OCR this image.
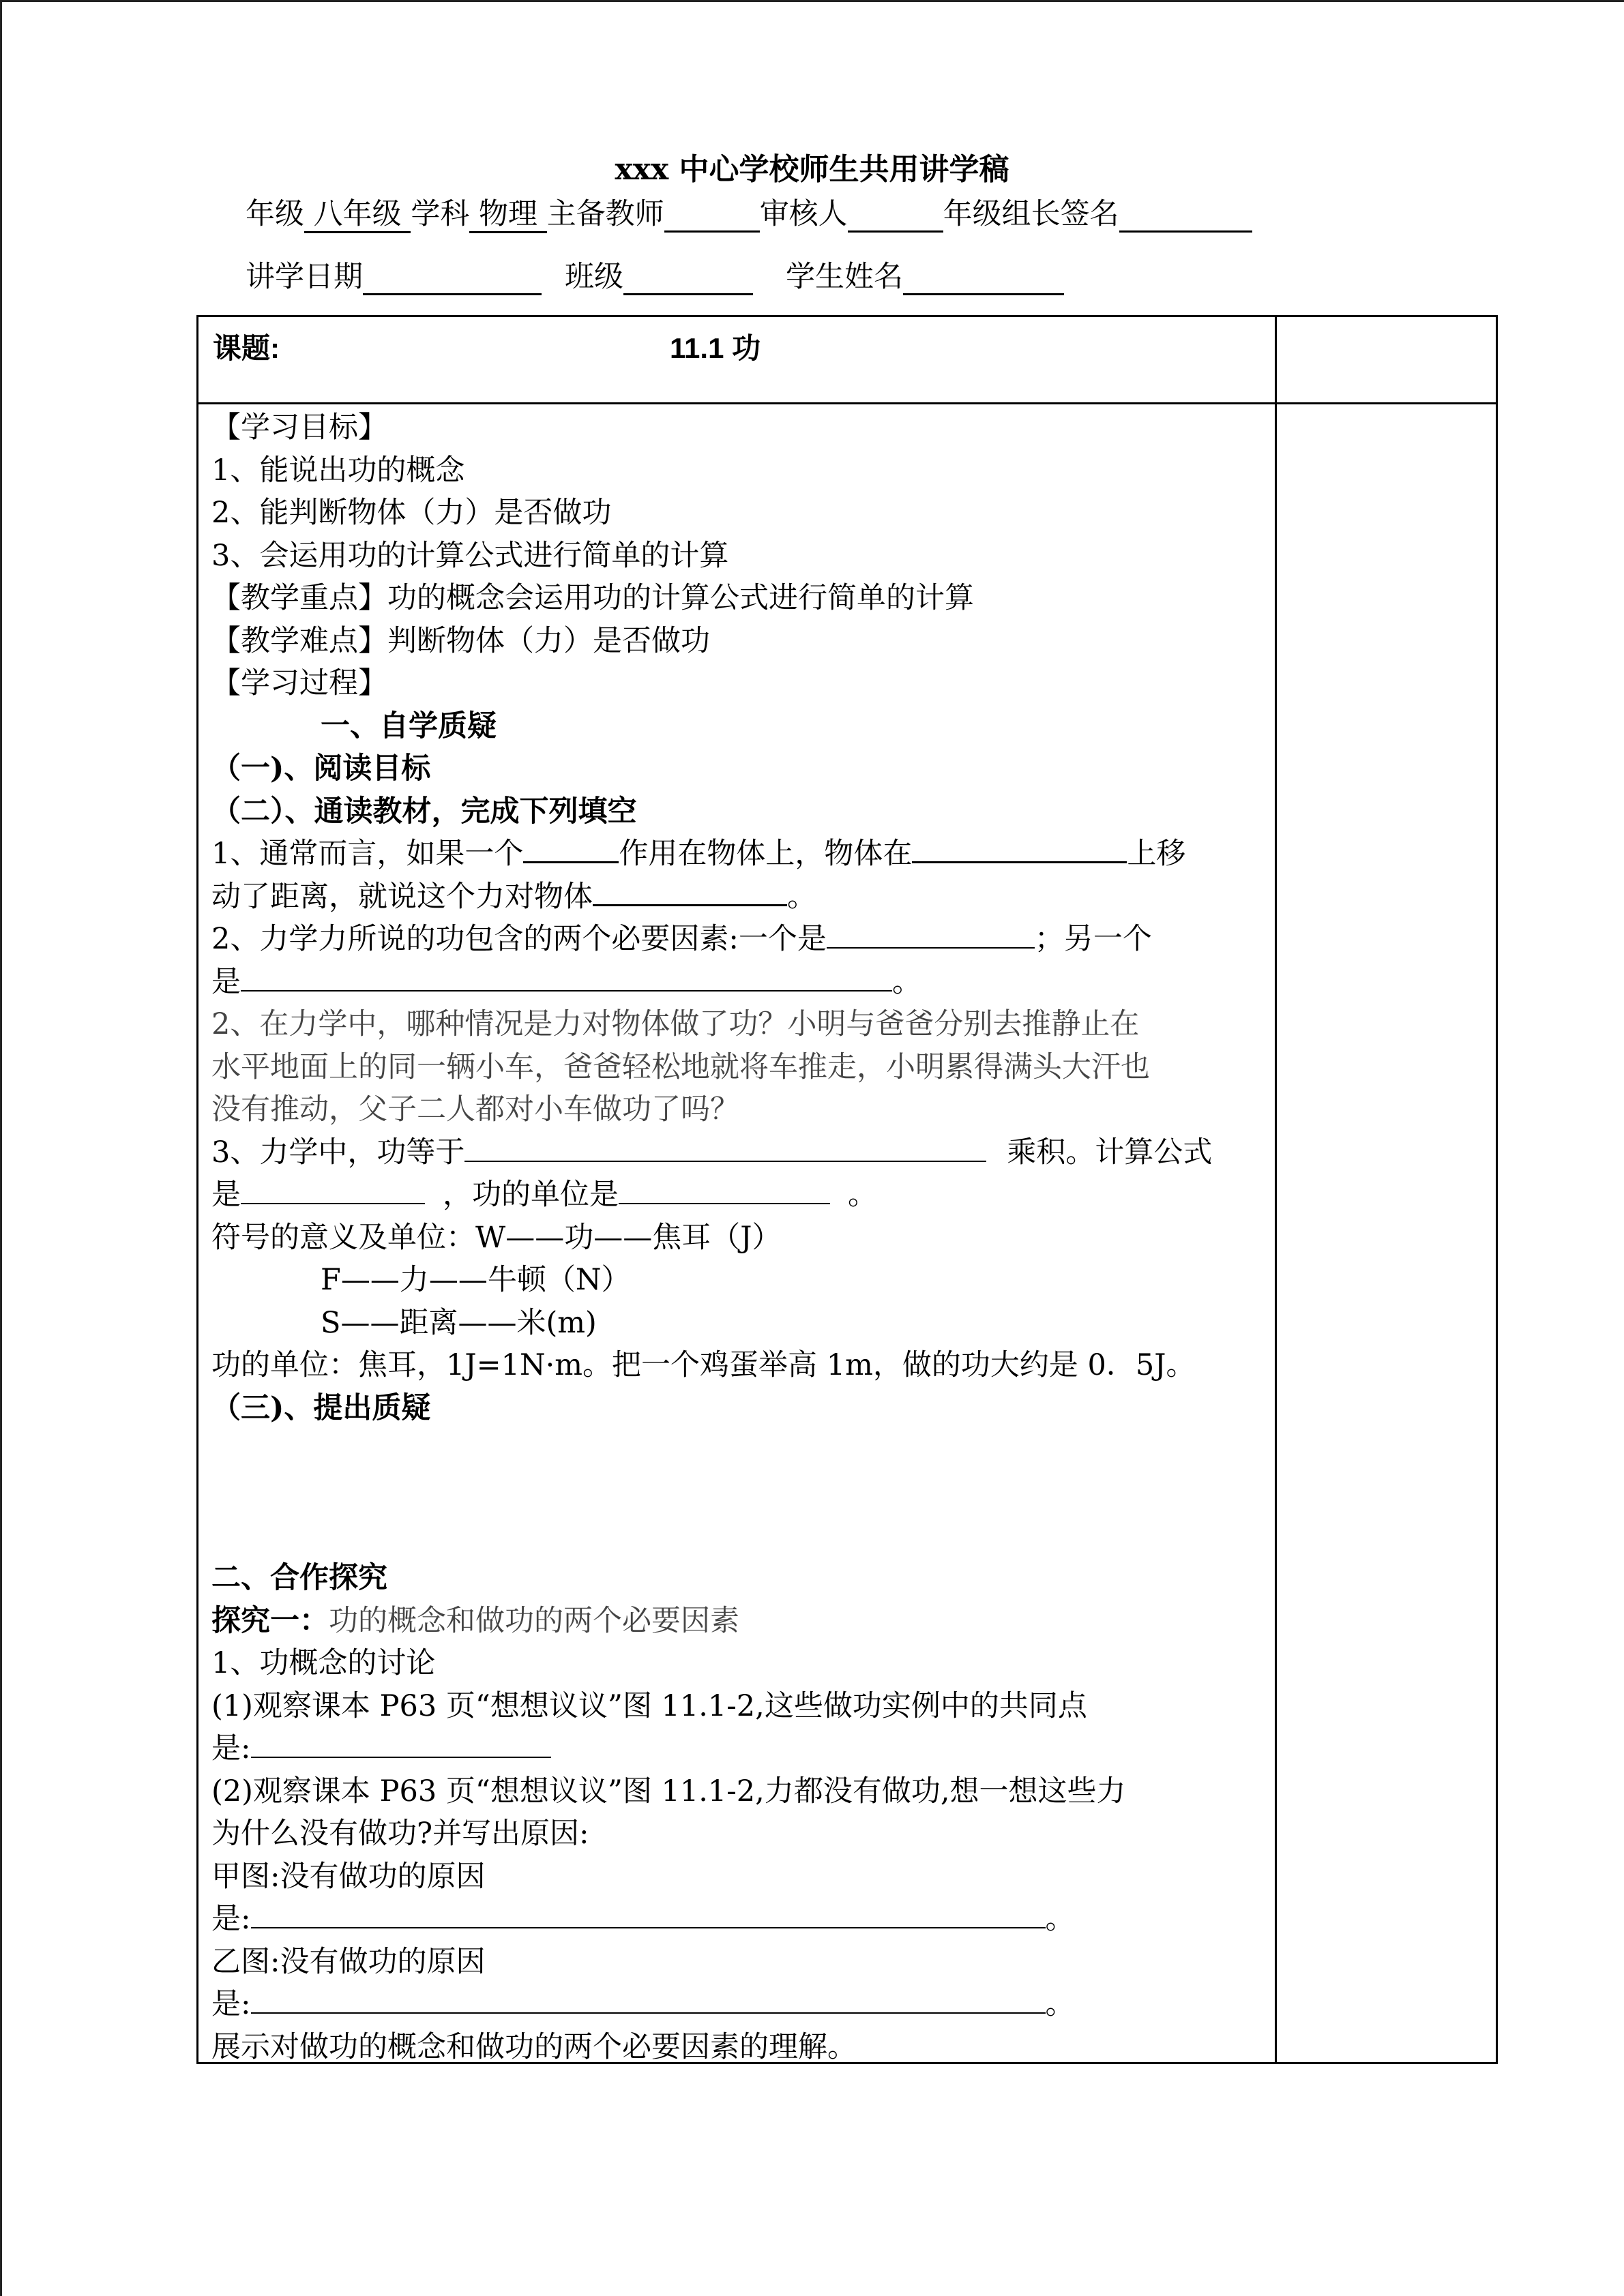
xxx 中心学校师生共用讲学稿
年级 八年级 学科 物理 主备教师	审核人	年级组长签名
讲学日期	班级	学生姓名
课题:	11.1 功
【学习目标】
1、能说出功的概念
2、能判断物体（力）是否做功
3、会运用功的计算公式进行简单的计算
【教学重点】功的概念会运用功的计算公式进行简单的计算
【教学难点】判断物体（力）是否做功
【学习过程】
一、自学质疑
（一)、阅读目标
（二）、通读教材，完成下列填空
1、通常而言，如果一个	作用在物体上，物体在	上移
动了距离，就说这个力对物体	。
2、力学力所说的功包含的两个必要因素:一个是	；另一个
是	。
2、在力学中，哪种情况是力对物体做了功？小明与爸爸分别去推静止在
水平地面上的同一辆小车，爸爸轻松地就将车推走，小明累得满头大汗也
没有推动，父子二人都对小车做功了吗？
3、力学中，功等于	乘积。计算公式
是	，功的单位是	。
符号的意义及单位：W——功——焦耳（J）
F——力——牛顿（N）
S——距离——米(m)
功的单位：焦耳，1J=1N·m。把一个鸡蛋举高 1m，做的功大约是 0．5J。
（三)、提出质疑
二、合作探究
探究一：功的概念和做功的两个必要因素
1、功概念的讨论
(1)观察课本 P63 页“想想议议”图 11.1-2,这些做功实例中的共同点
是:
(2)观察课本 P63 页“想想议议”图 11.1-2,力都没有做功,想一想这些力
为什么没有做功?并写出原因:
甲图:没有做功的原因
是:	。
乙图:没有做功的原因
是:	。
展示对做功的概念和做功的两个必要因素的理解。
